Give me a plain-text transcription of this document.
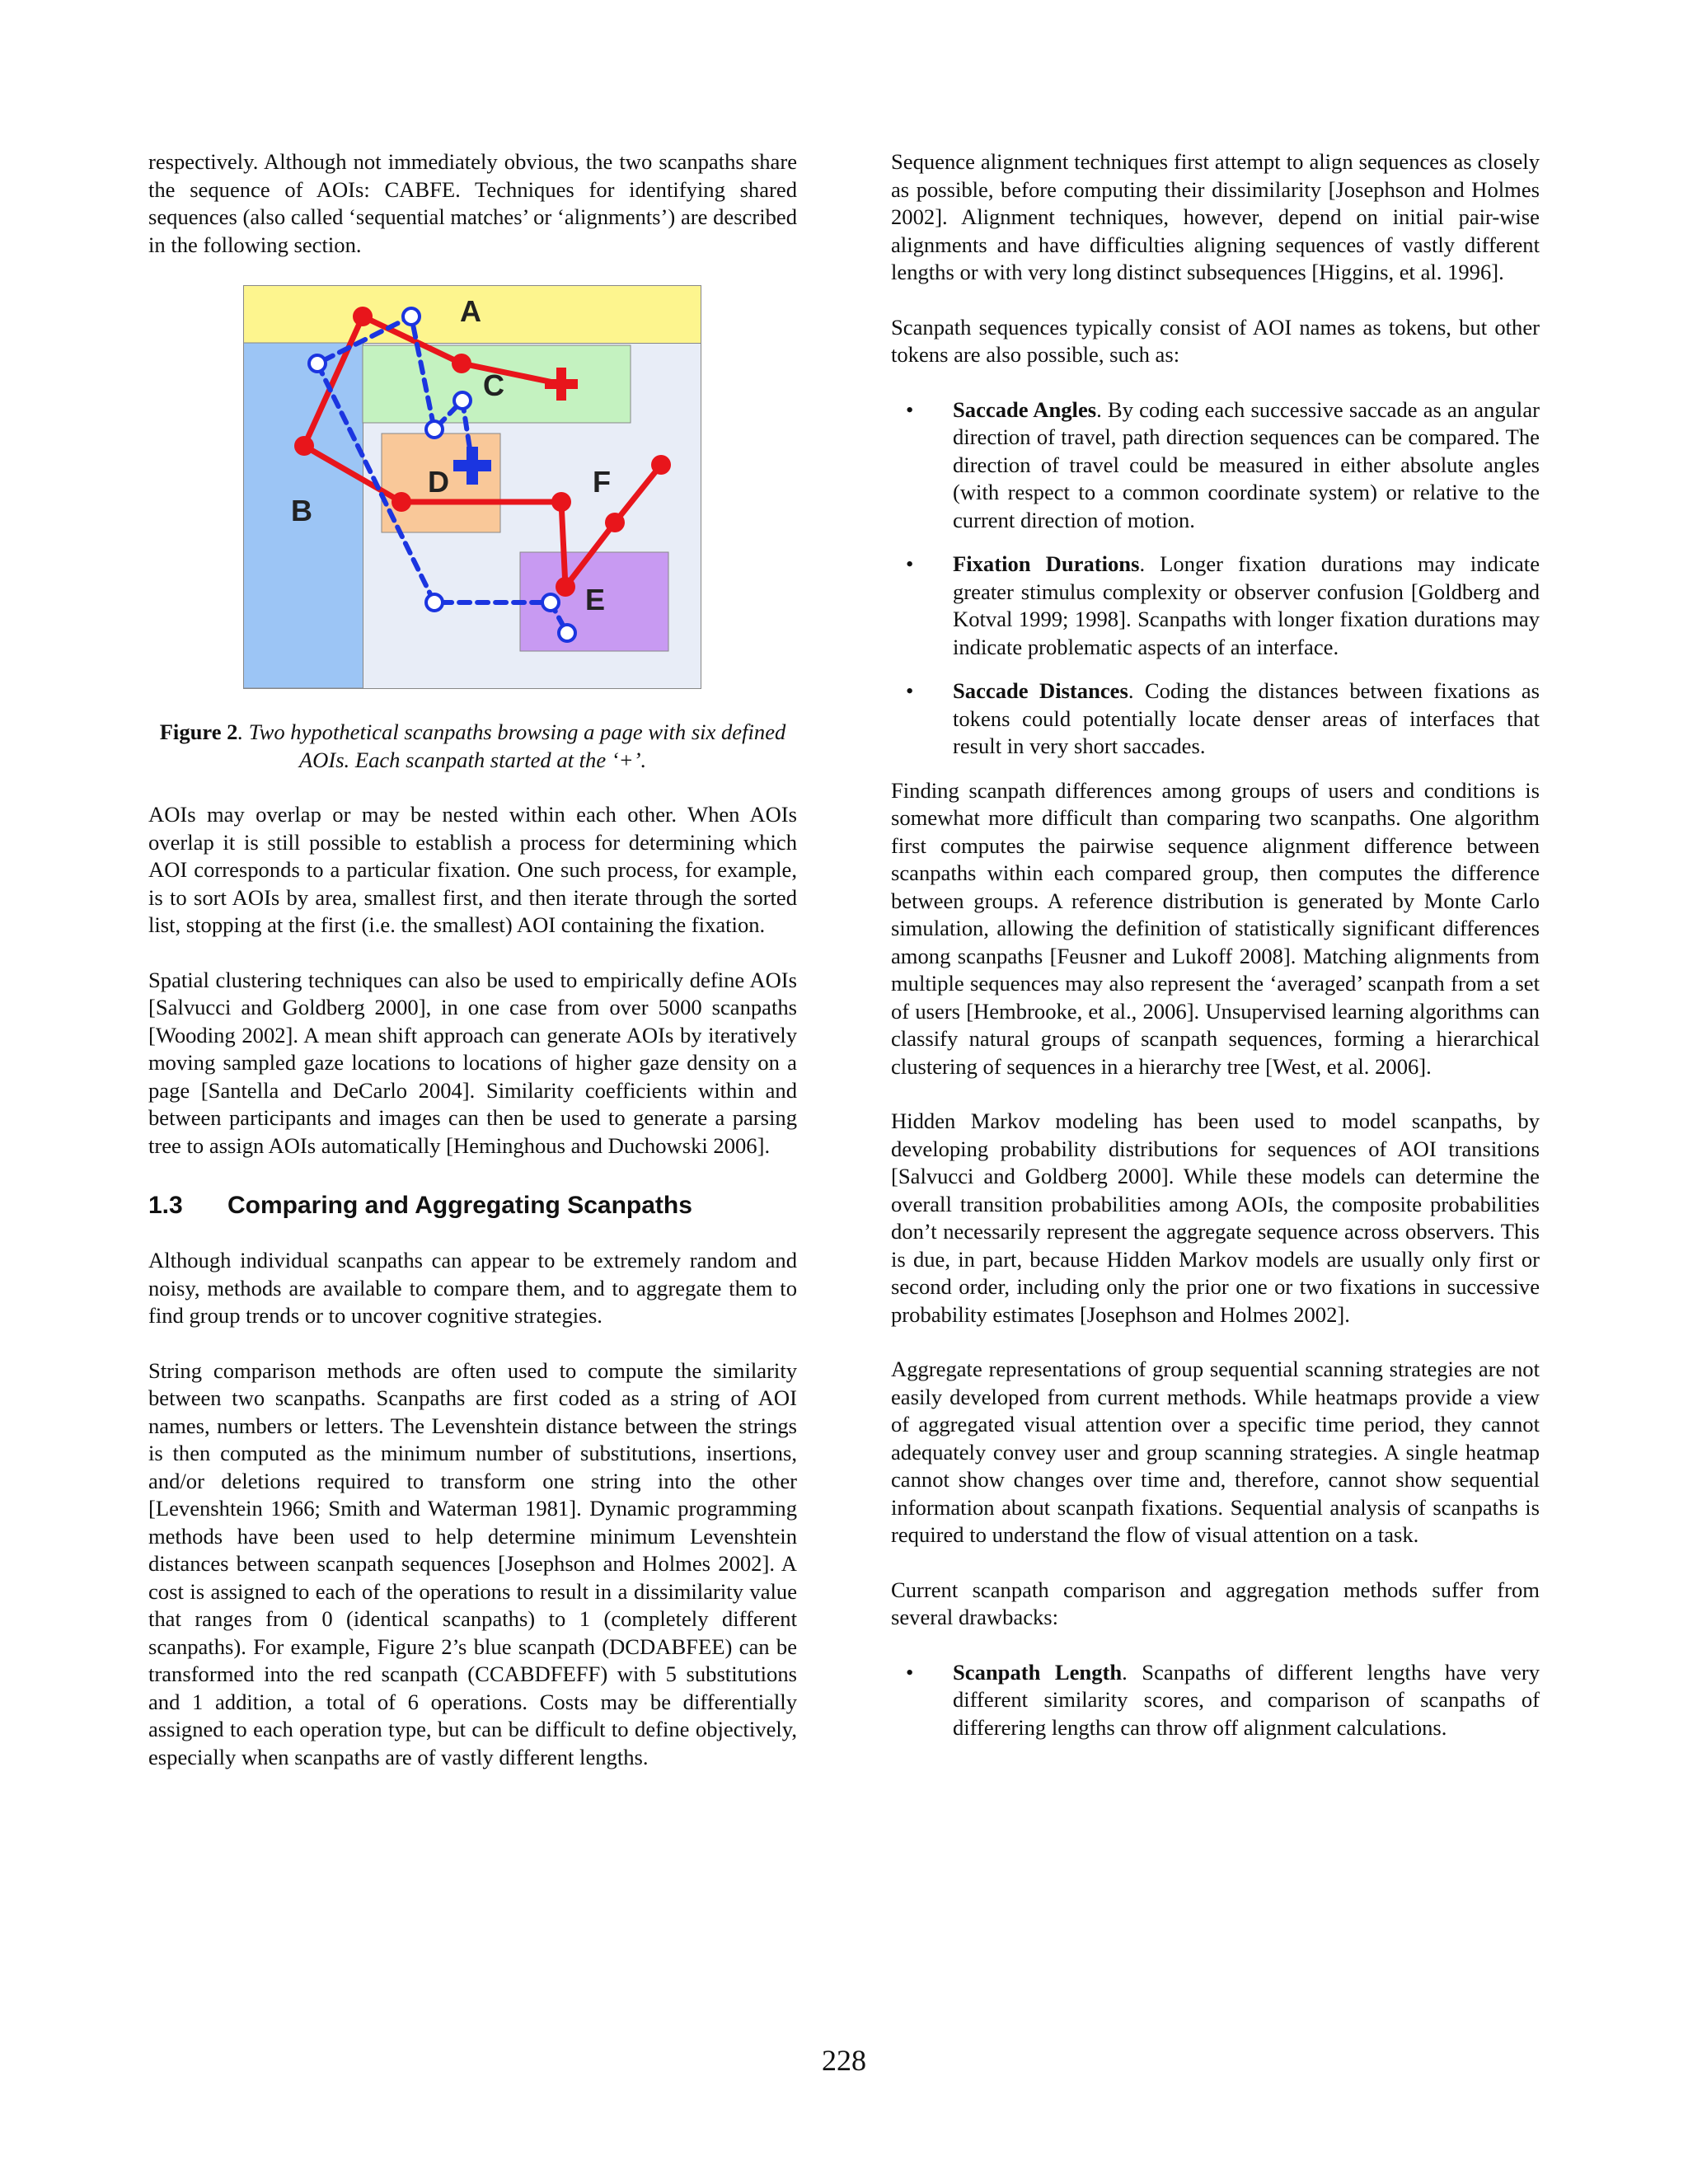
respectively. Although not immediately obvious, the two scanpaths share the sequence of AOIs: CABFE. Techniques for identifying shared sequences (also called ‘sequential matches’ or ‘alignments’) are described in the following section.

A
B
C
D
E
F
Figure 2. Two hypothetical scanpaths browsing a page with six defined AOIs. Each scanpath started at the ‘+’.

AOIs may overlap or may be nested within each other. When AOIs overlap it is still possible to establish a process for determining which AOI corresponds to a particular fixation. One such process, for example, is to sort AOIs by area, smallest first, and then iterate through the sorted list, stopping at the first (i.e. the smallest) AOI containing the fixation.

Spatial clustering techniques can also be used to empirically define AOIs [Salvucci and Goldberg 2000], in one case from over 5000 scanpaths [Wooding 2002]. A mean shift approach can generate AOIs by iteratively moving sampled gaze locations to locations of higher gaze density on a page [Santella and DeCarlo 2004]. Similarity coefficients within and between participants and images can then be used to generate a parsing tree to assign AOIs automatically [Heminghous and Duchowski 2006].

1.3 Comparing and Aggregating Scanpaths

Although individual scanpaths can appear to be extremely random and noisy, methods are available to compare them, and to aggregate them to find group trends or to uncover cognitive strategies.

String comparison methods are often used to compute the similarity between two scanpaths. Scanpaths are first coded as a string of AOI names, numbers or letters. The Levenshtein distance between the strings is then computed as the minimum number of substitutions, insertions, and/or deletions required to transform one string into the other [Levenshtein 1966; Smith and Waterman 1981]. Dynamic programming methods have been used to help determine minimum Levenshtein distances between scanpath sequences [Josephson and Holmes 2002]. A cost is assigned to each of the operations to result in a dissimilarity value that ranges from 0 (identical scanpaths) to 1 (completely different scanpaths). For example, Figure 2’s blue scanpath (DCDABFEE) can be transformed into the red scanpath (CCABDFEFF) with 5 substitutions and 1 addition, a total of 6 operations. Costs may be differentially assigned to each operation type, but can be difficult to define objectively, especially when scanpaths are of vastly different lengths.

Sequence alignment techniques first attempt to align sequences as closely as possible, before computing their dissimilarity [Josephson and Holmes 2002]. Alignment techniques, however, depend on initial pair-wise alignments and have difficulties aligning sequences of vastly different lengths or with very long distinct subsequences [Higgins, et al. 1996].

Scanpath sequences typically consist of AOI names as tokens, but other tokens are also possible, such as:

• Saccade Angles. By coding each successive saccade as an angular direction of travel, path direction sequences can be compared. The direction of travel could be measured in either absolute angles (with respect to a common coordinate system) or relative to the current direction of motion.

• Fixation Durations. Longer fixation durations may indicate greater stimulus complexity or observer confusion [Goldberg and Kotval 1999; 1998]. Scanpaths with longer fixation durations may indicate problematic aspects of an interface.

• Saccade Distances. Coding the distances between fixations as tokens could potentially locate denser areas of interfaces that result in very short saccades.

Finding scanpath differences among groups of users and conditions is somewhat more difficult than comparing two scanpaths. One algorithm first computes the pairwise sequence alignment difference between scanpaths within each compared group, then computes the difference between groups. A reference distribution is generated by Monte Carlo simulation, allowing the definition of statistically significant differences among scanpaths [Feusner and Lukoff 2008]. Matching alignments from multiple sequences may also represent the ‘averaged’ scanpath from a set of users [Hembrooke, et al., 2006]. Unsupervised learning algorithms can classify natural groups of scanpath sequences, forming a hierarchical clustering of sequences in a hierarchy tree [West, et al. 2006].

Hidden Markov modeling has been used to model scanpaths, by developing probability distributions for sequences of AOI transitions [Salvucci and Goldberg 2000]. While these models can determine the overall transition probabilities among AOIs, the composite probabilities don’t necessarily represent the aggregate sequence across observers. This is due, in part, because Hidden Markov models are usually only first or second order, including only the prior one or two fixations in successive probability estimates [Josephson and Holmes 2002].

Aggregate representations of group sequential scanning strategies are not easily developed from current methods. While heatmaps provide a view of aggregated visual attention over a specific time period, they cannot adequately convey user and group scanning strategies. A single heatmap cannot show changes over time and, therefore, cannot show sequential information about scanpath fixations. Sequential analysis of scanpaths is required to understand the flow of visual attention on a task.

Current scanpath comparison and aggregation methods suffer from several drawbacks:

• Scanpath Length. Scanpaths of different lengths have very different similarity scores, and comparison of scanpaths of differering lengths can throw off alignment calculations.

228
